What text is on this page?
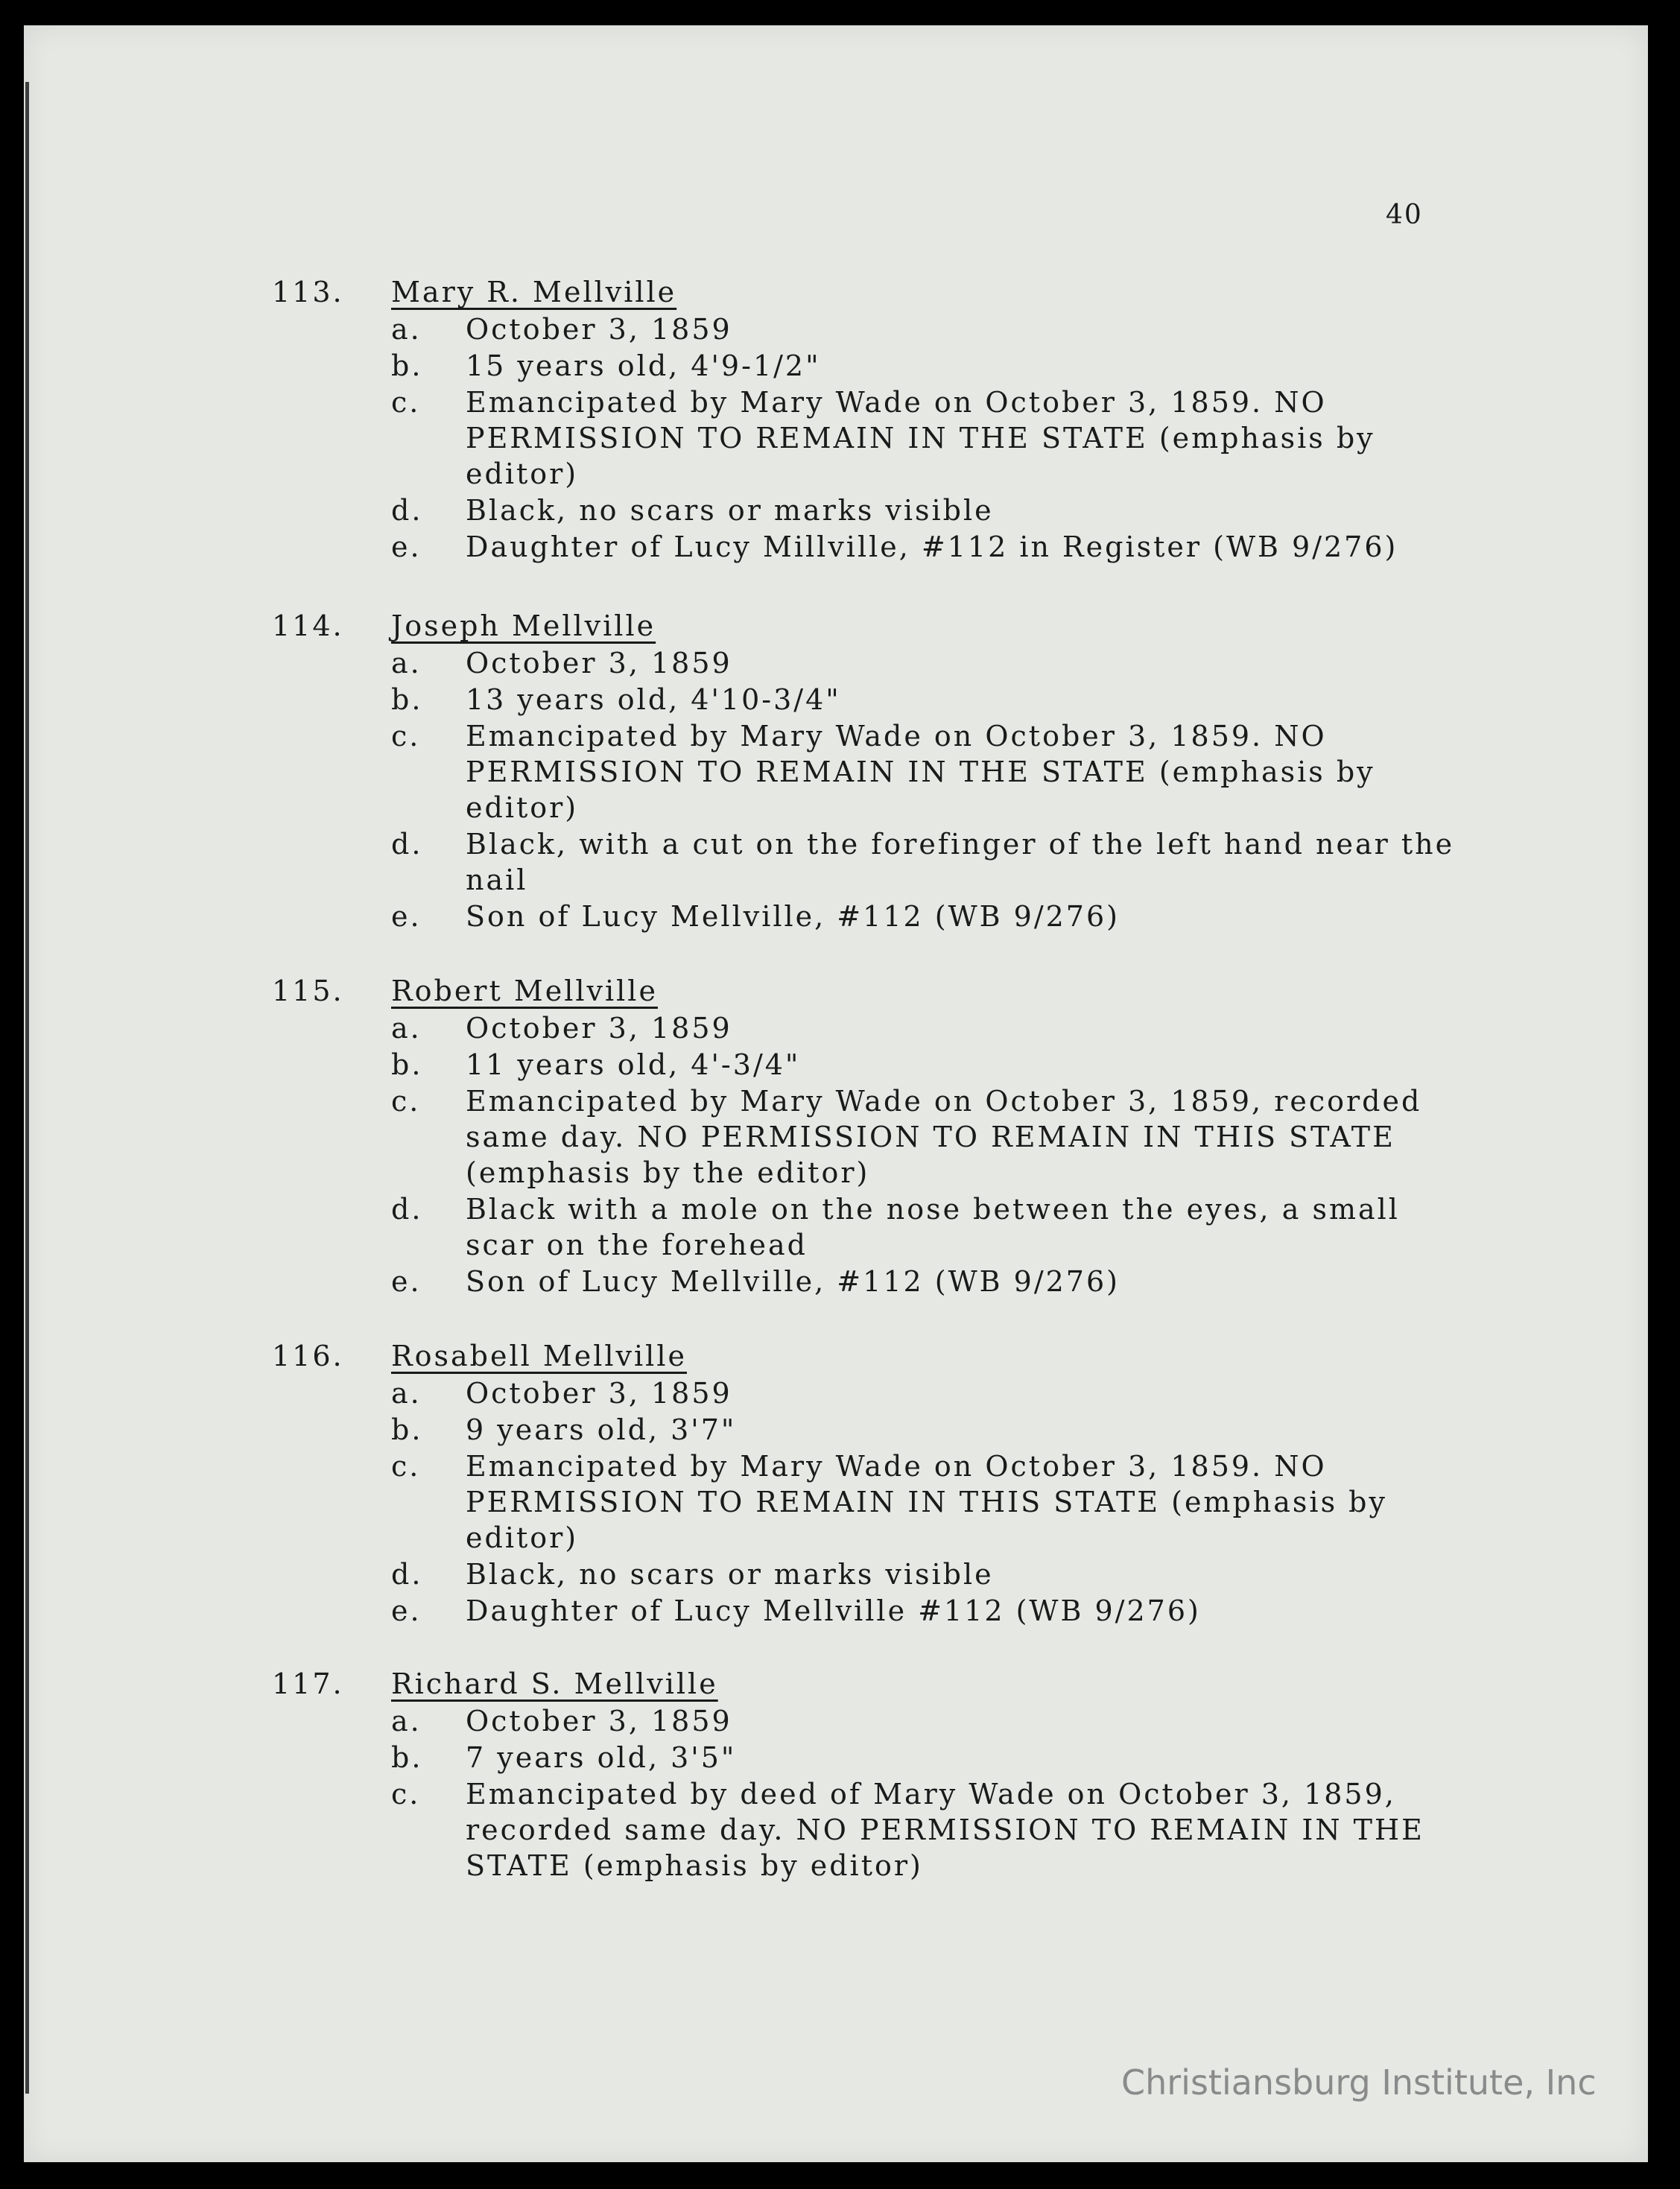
40
113. Mary R. Mellville
a. October 3, 1859
b. 15 years old, 4'9-1/2"
c. Emancipated by Mary Wade on October 3, 1859. NO PERMISSION TO REMAIN IN THE STATE (emphasis by editor)
d. Black, no scars or marks visible
e. Daughter of Lucy Millville, #112 in Register (WB 9/276)
114. Joseph Mellville
a. October 3, 1859
b. 13 years old, 4'10-3/4"
c. Emancipated by Mary Wade on October 3, 1859. NO PERMISSION TO REMAIN IN THE STATE (emphasis by editor)
d. Black, with a cut on the forefinger of the left hand near the nail
e. Son of Lucy Mellville, #112 (WB 9/276)
115. Robert Mellville
a. October 3, 1859
b. 11 years old, 4'-3/4"
c. Emancipated by Mary Wade on October 3, 1859, recorded same day. NO PERMISSION TO REMAIN IN THIS STATE (emphasis by the editor)
d. Black with a mole on the nose between the eyes, a small scar on the forehead
e. Son of Lucy Mellville, #112 (WB 9/276)
116. Rosabell Mellville
a. October 3, 1859
b. 9 years old, 3'7"
c. Emancipated by Mary Wade on October 3, 1859. NO PERMISSION TO REMAIN IN THIS STATE (emphasis by editor)
d. Black, no scars or marks visible
e. Daughter of Lucy Mellville #112 (WB 9/276)
117. Richard S. Mellville
a. October 3, 1859
b. 7 years old, 3'5"
c. Emancipated by deed of Mary Wade on October 3, 1859, recorded same day. NO PERMISSION TO REMAIN IN THE STATE (emphasis by editor)
Christiansburg Institute, Inc
